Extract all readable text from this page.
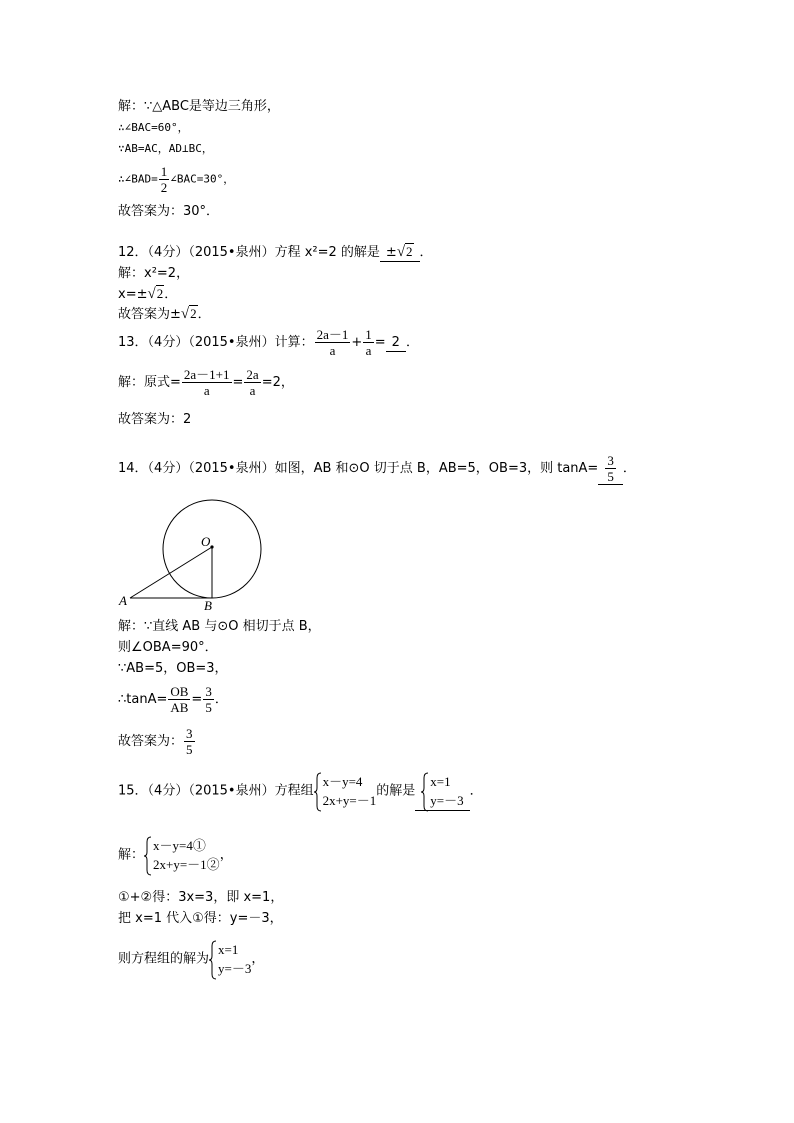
解：∵△ABC是等边三角形，
∴∠BAC=60°，
∵AB=AC，AD⊥BC，
∴∠BAD= $\frac{1}{2}$ ∠BAC=30°，
故答案为：30°．
12．（4分）（2015•泉州）方程 x²=2 的解是 ±√2 ．
解：x²=2，
x=±√2．
故答案为±√2．
13．（4分）（2015•泉州）计算： $\frac{2a-1}{a} + \frac{1}{a} = 2$ ．
解：原式= $\frac{2a-1+1}{a} = \frac{2a}{a} =2$，
故答案为：2
14．（4分）（2015•泉州）如图，AB 和⊙O 切于点 B，AB=5，OB=3，则 $\tan A= \frac{3}{5}$ ．
O
A	B
解：∵直线 AB 与⊙O 相切于点 B，
则∠OBA=90°．
∵AB=5，OB=3，
∴tanA= $\frac{OB}{AB} = \frac{3}{5}$ ．
故答案为： $\frac{3}{5}$
15．（4分）（2015•泉州）方程组
x－y=4
2x+y=－1
的解是
x=1
y=－3
．
解：
x－y=4①
2x+y=－1②
，
①+②得：3x=3，即 x=1，
把 x=1 代入①得：y=－3，
则方程组的解为
x=1
y=－3
，
